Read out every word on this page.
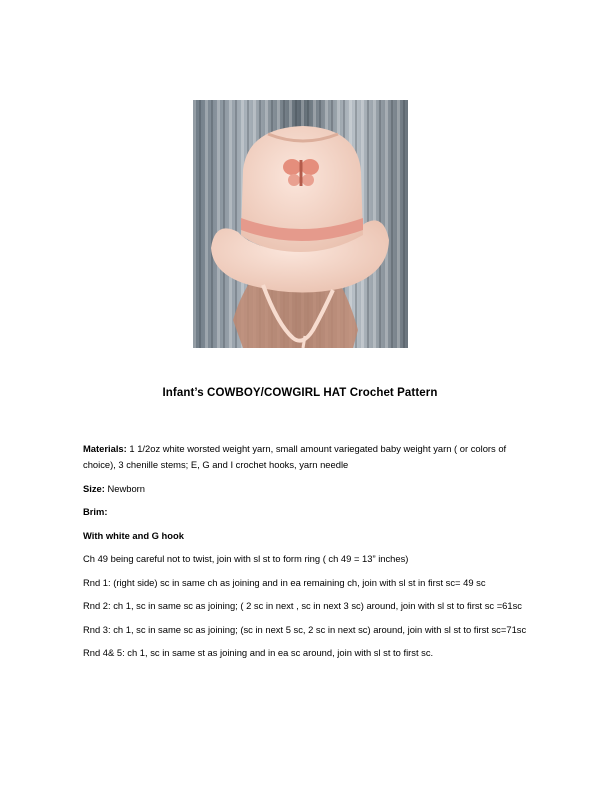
Infant’s COWBOY/COWGIRL HAT Crochet Pattern
Materials: 1 1/2oz white worsted weight yarn, small amount variegated baby weight yarn ( or colors of
choice), 3 chenille stems; E, G and I crochet hooks, yarn needle
Size: Newborn
Brim:
With white and G hook
Ch 49 being careful not to twist, join with sl st to form ring ( ch 49 = 13” inches)
Rnd 1: (right side) sc in same ch as joining and in ea remaining ch, join with sl st in first sc= 49 sc
Rnd 2: ch 1, sc in same sc as joining; ( 2 sc in next , sc in next 3 sc) around, join with sl st to first sc =61sc
Rnd 3: ch 1, sc in same sc as joining; (sc in next 5 sc, 2 sc in next sc) around, join with sl st to first sc=71sc
Rnd 4& 5: ch 1, sc in same st as joining and in ea sc around, join with sl st to first sc.
